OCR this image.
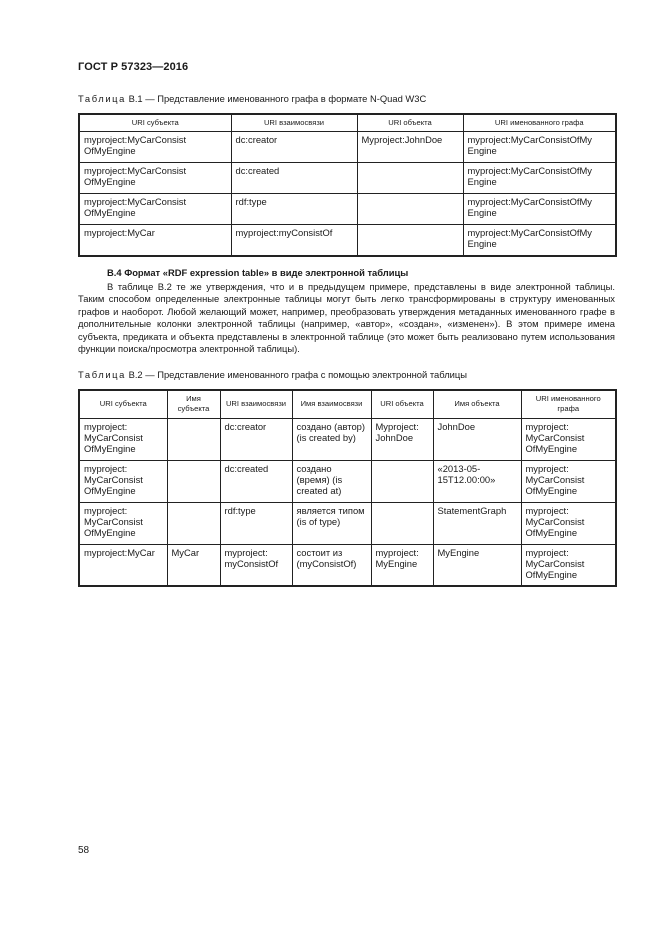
ГОСТ Р 57323—2016
Таблица B.1 — Представление именованного графа в формате N-Quad W3C
URI субъекта	URI взаимосвязи	URI объекта	URI именованного графа
myproject:MyCarConsist OfMyEngine	dc:creator	Myproject:JohnDoe	myproject:MyCarConsistOfMy Engine
myproject:MyCarConsist OfMyEngine	dc:created		myproject:MyCarConsistOfMy Engine
myproject:MyCarConsist OfMyEngine	rdf:type		myproject:MyCarConsistOfMy Engine
myproject:MyCar	myproject:myConsistOf		myproject:MyCarConsistOfMy Engine
B.4 Формат «RDF expression table» в виде электронной таблицы
В таблице B.2 те же утверждения, что и в предыдущем примере, представлены в виде электронной таблицы. Таким способом определенные электронные таблицы могут быть легко трансформированы в структуру именованных графов и наоборот. Любой желающий может, например, преобразовать утверждения метаданных именованного графе в дополнительные колонки электронной таблицы (например, «автор», «создан», «изменен»). В этом примере имена субъекта, предиката и объекта представлены в электронной таблице (это может быть реализовано путем использования функции поиска/просмотра электронной таблицы).
Таблица B.2 — Представление именованного графа с помощью электронной таблицы
URI субъекта	Имя субъекта	URI взаимосвязи	Имя взаимосвязи	URI объекта	Имя объекта	URI именованного графа
myproject: MyCarConsist OfMyEngine		dc:creator	создано (автор) (is created by)	Myproject: JohnDoe	JohnDoe	myproject: MyCarConsist OfMyEngine
myproject: MyCarConsist OfMyEngine		dc:created	создано (время) (is created at)		«2013-05-15T12.00:00»	myproject: MyCarConsist OfMyEngine
myproject: MyCarConsist OfMyEngine		rdf:type	является типом (is of type)		StatementGraph	myproject: MyCarConsist OfMyEngine
myproject:MyCar	MyCar	myproject: myConsistOf	состоит из (myConsistOf)	myproject: MyEngine	MyEngine	myproject: MyCarConsist OfMyEngine
58
